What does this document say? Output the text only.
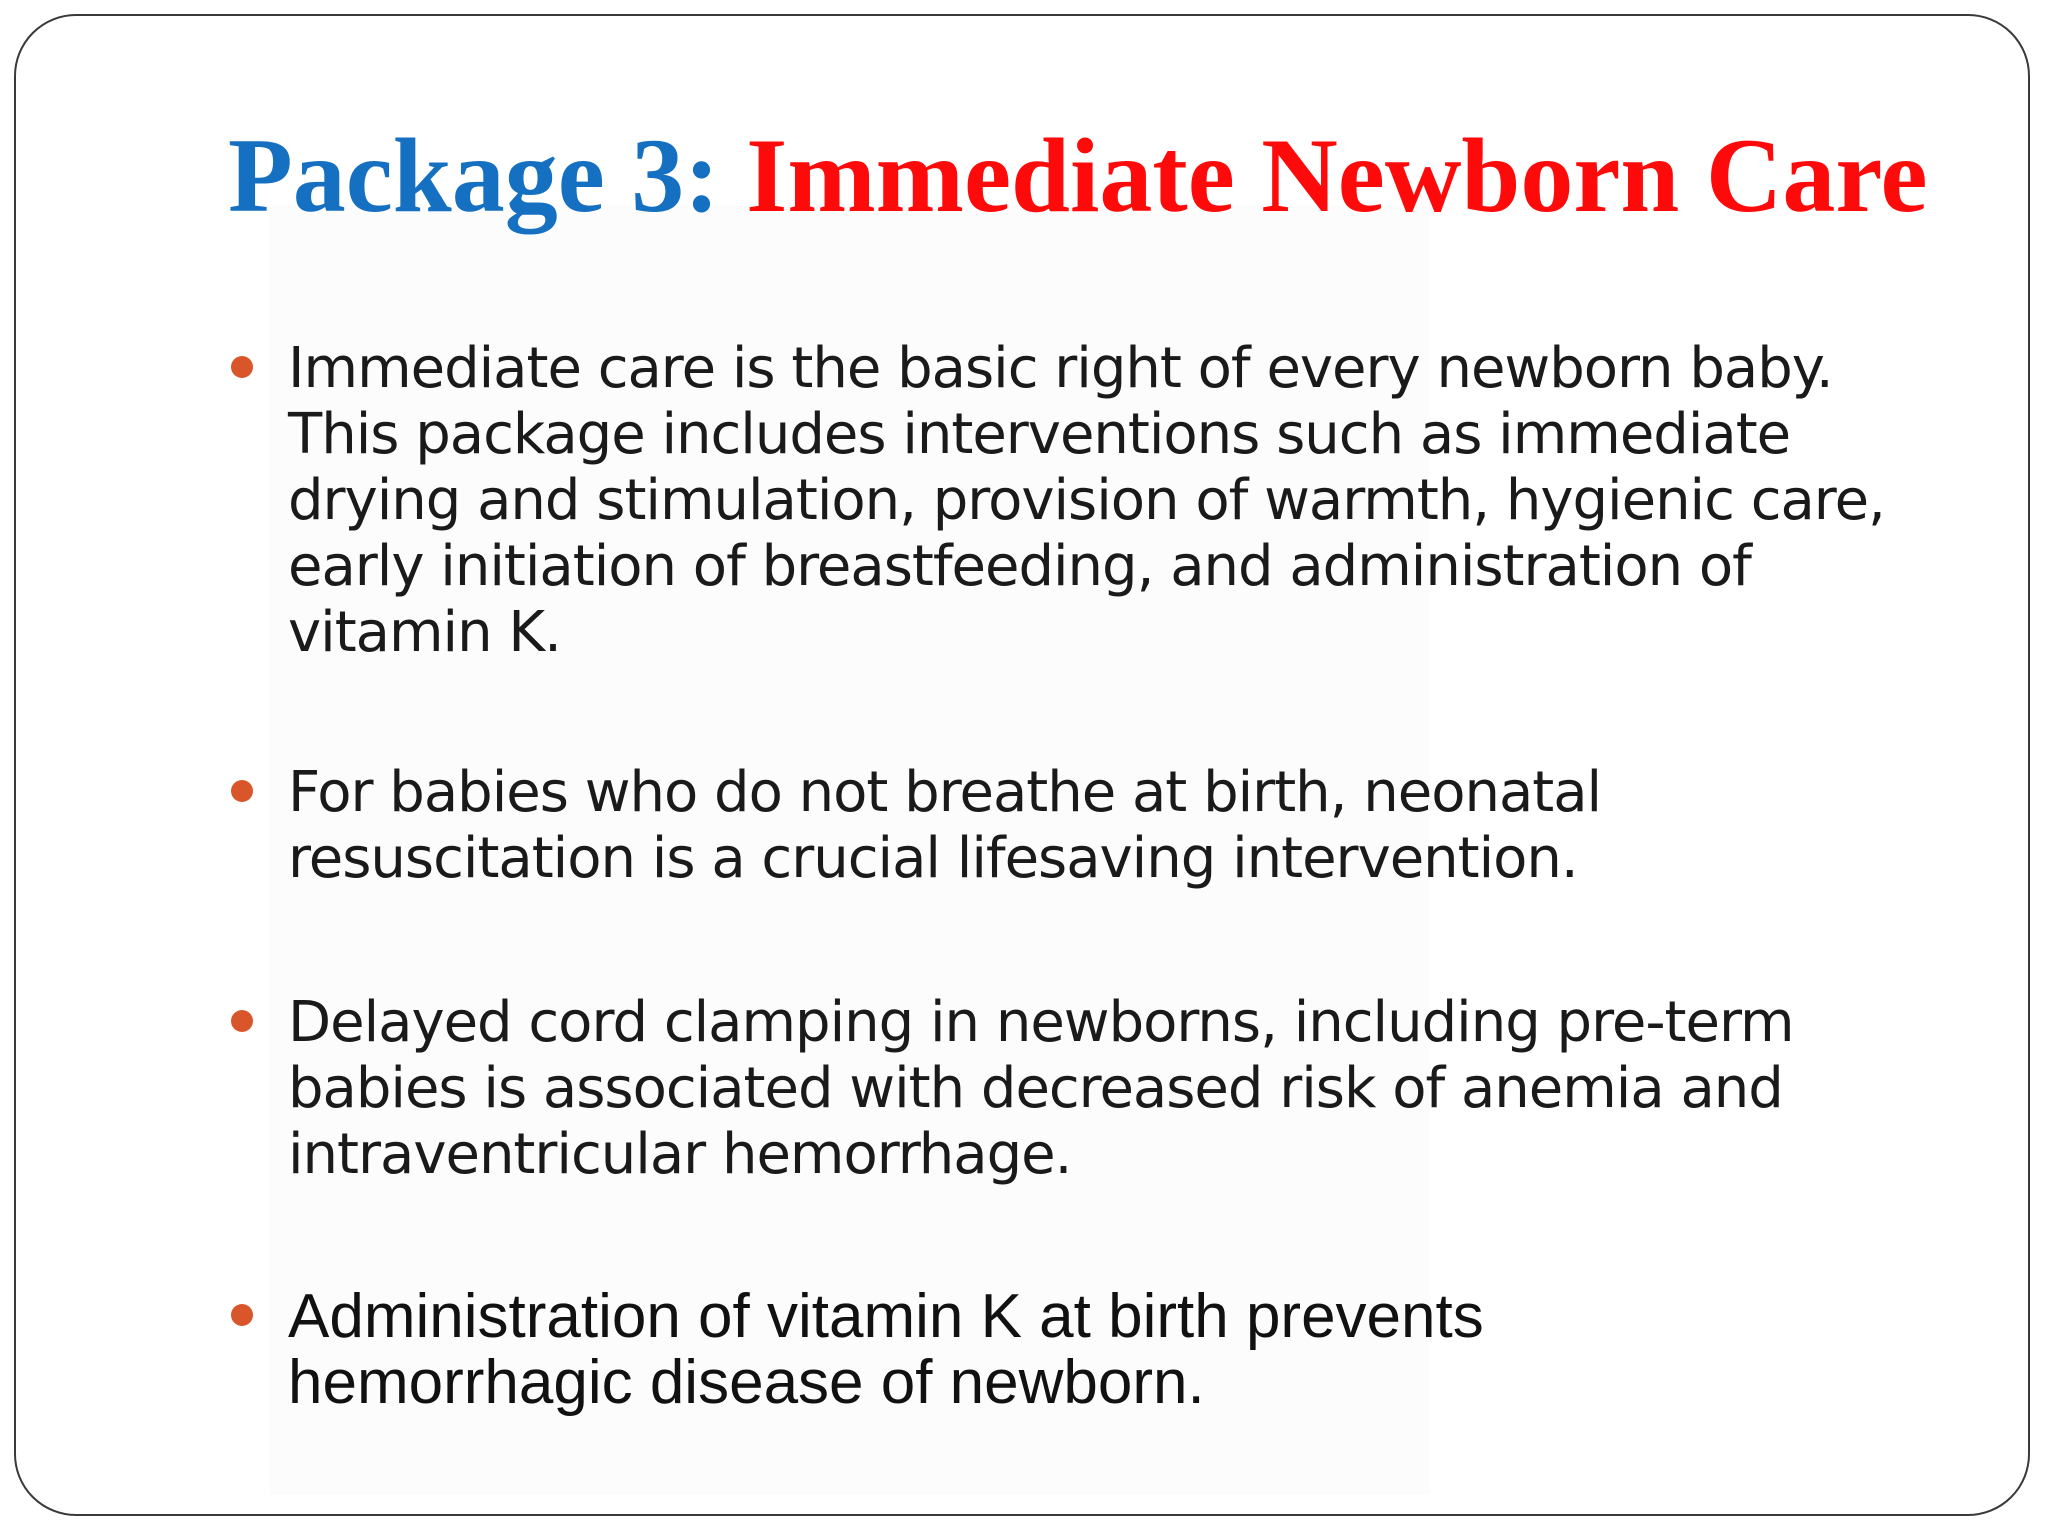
Package 3: Immediate Newborn Care

Immediate care is the basic right of every newborn baby.
This package includes interventions such as immediate
drying and stimulation, provision of warmth, hygienic care,
early initiation of breastfeeding, and administration of
vitamin K.

For babies who do not breathe at birth, neonatal
resuscitation is a crucial lifesaving intervention.

Delayed cord clamping in newborns, including pre-term
babies is associated with decreased risk of anemia and
intraventricular hemorrhage.

Administration of vitamin K at birth prevents
hemorrhagic disease of newborn.
